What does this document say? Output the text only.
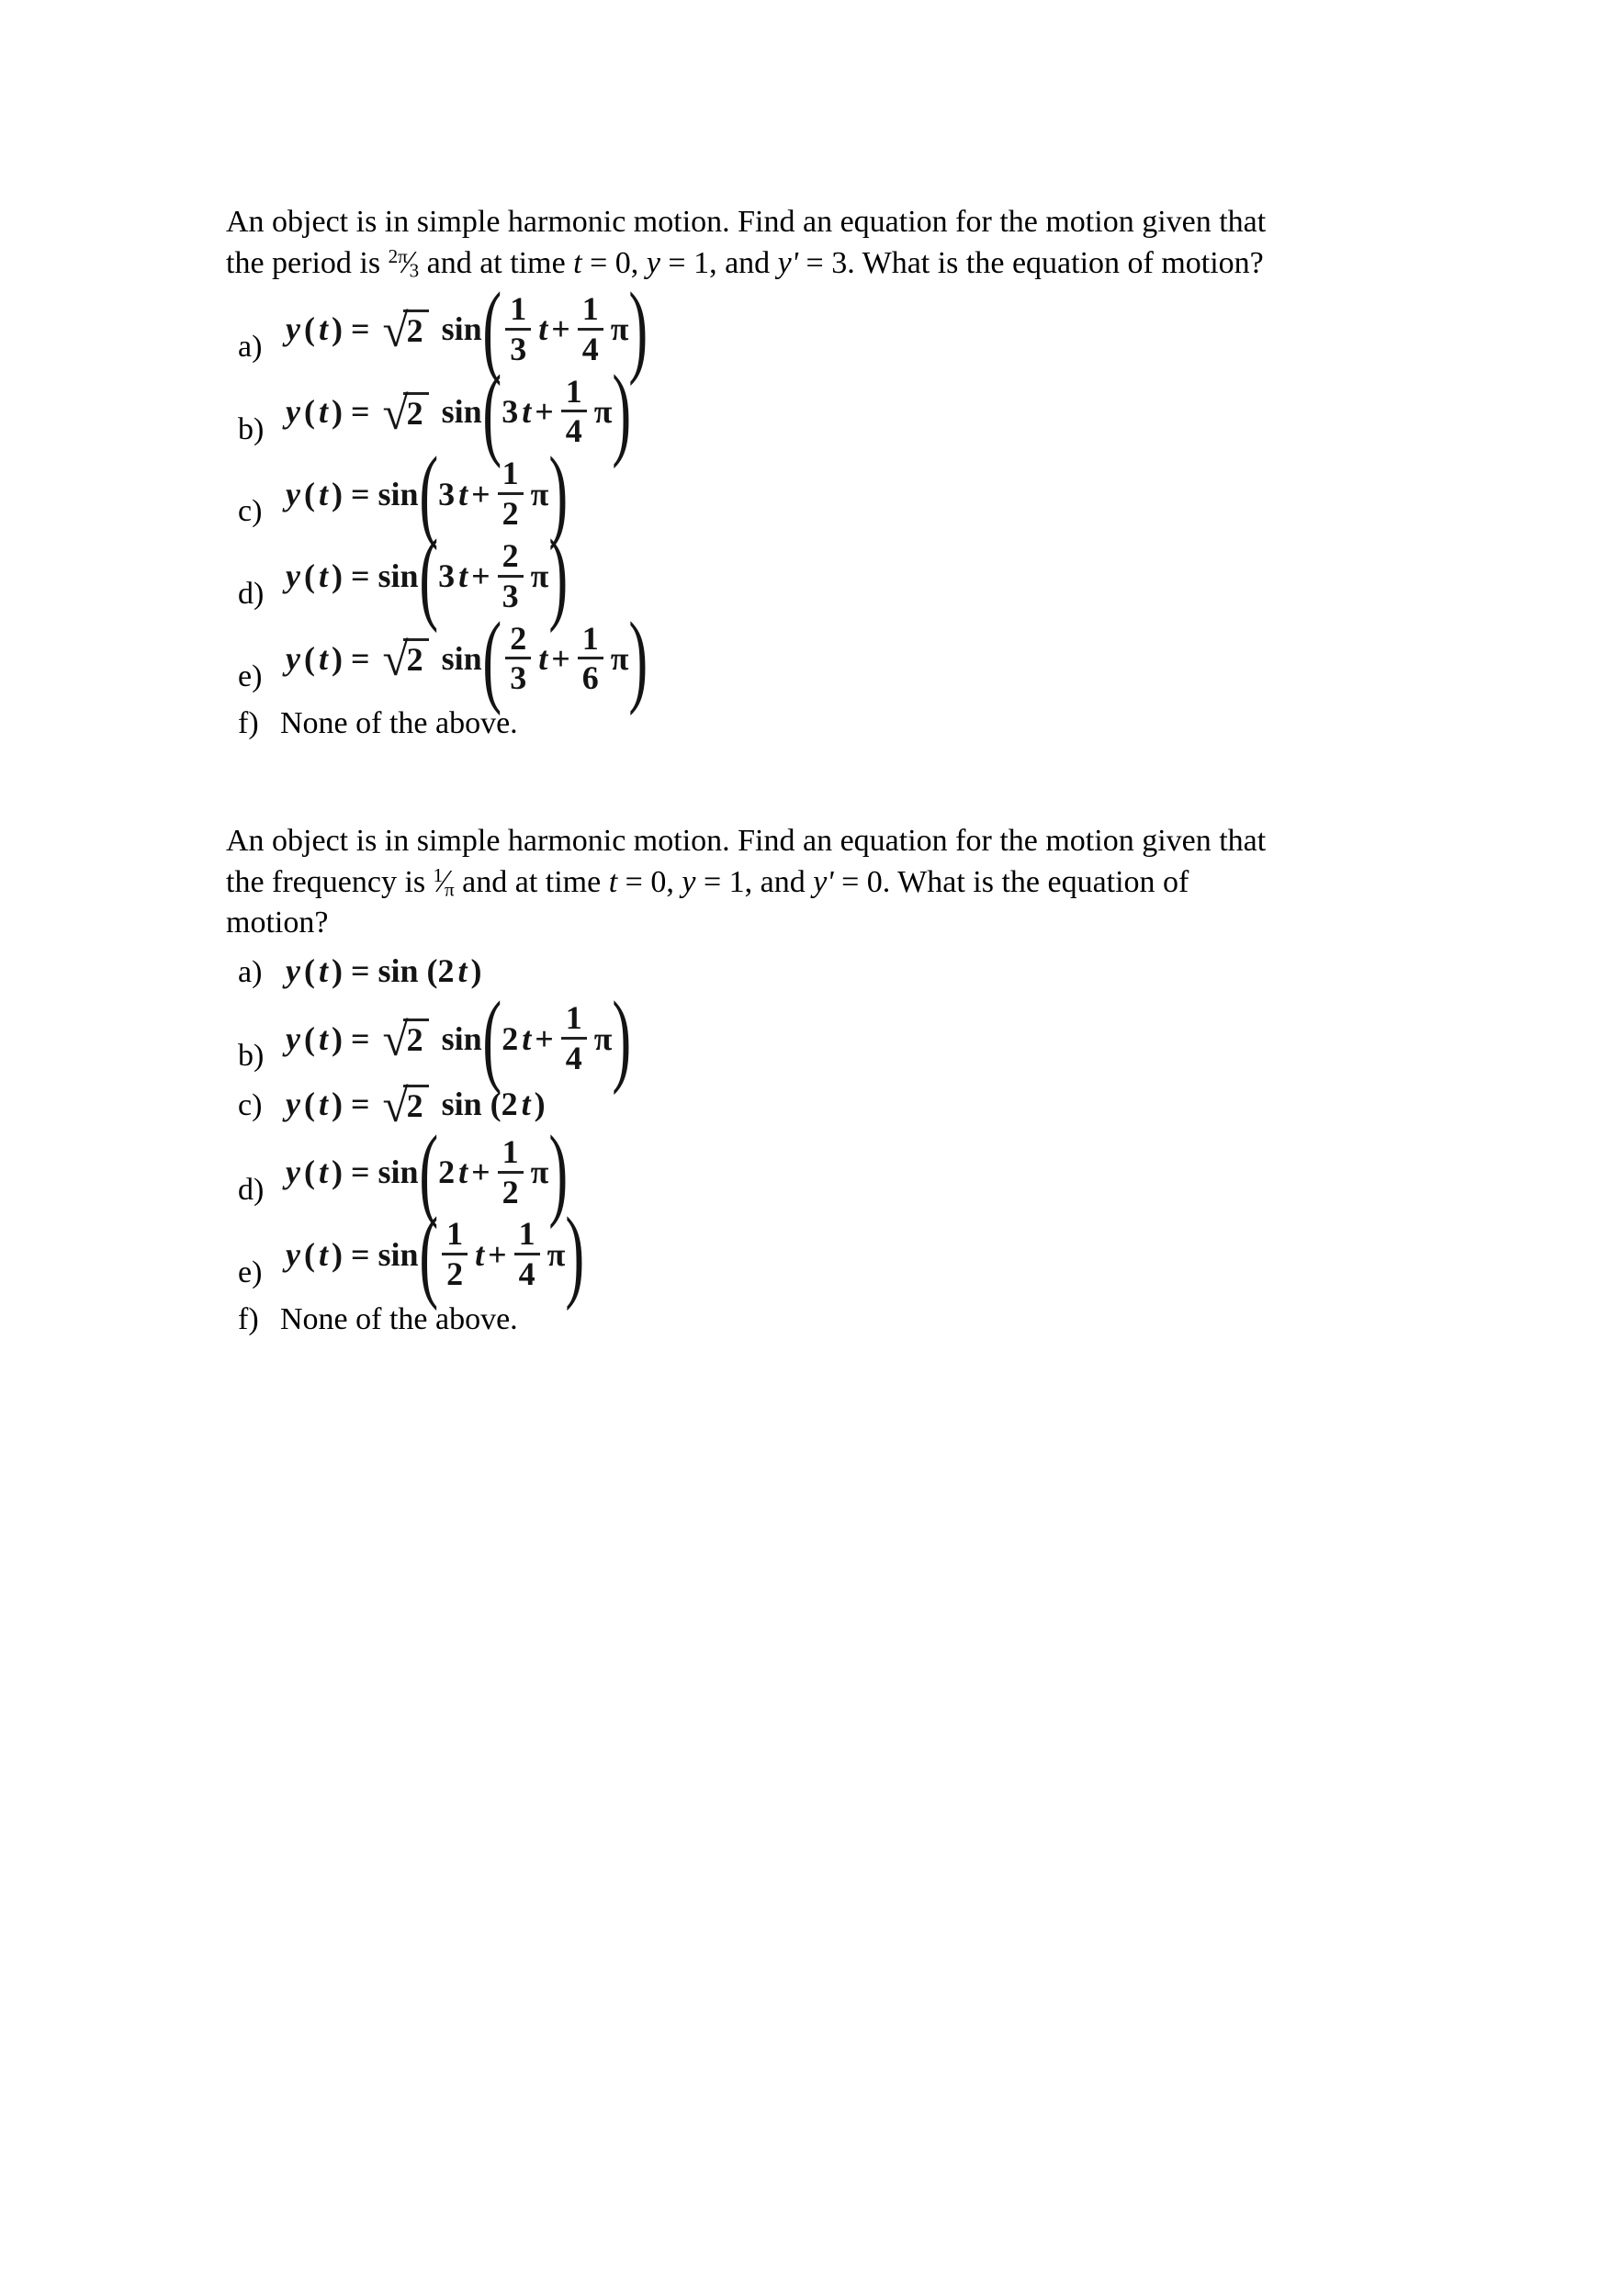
An object is in simple harmonic motion. Find an equation for the motion given that
the period is $^{2\pi}⁄_3$ and at time t = 0, y = 1, and y' = 3. What is the equation of motion?

a) y ( t ) = √
2 sin ( $\frac{1}{3}$ $t + \frac{1}{4}$ π )
b) y ( t ) = √
2 sin ( 3 $t + \frac{1}{4}$ π )
c) y ( t ) = sin ( 3 $t + \frac{1}{2}$ π )
d) y ( t ) = sin ( 3 $t + \frac{2}{3}$ π )
e) y ( t ) = √
2 sin ( $\frac{2}{3}$ $t + \frac{1}{6}$ π )
f) None of the above.

An object is in simple harmonic motion. Find an equation for the motion given that
the frequency is $^1⁄_\pi$ and at time t = 0, y = 1, and y' = 0. What is the equation of
motion?

a) y ( t ) = sin (2 t )
b) y ( t ) = √
2 sin ( 2 $t + \frac{1}{4}$ π )
c) y ( t ) = √
2 sin (2 t )
d) y ( t ) = sin ( 2 $t + \frac{1}{2}$ π )
e) y ( t ) = sin ( $\frac{1}{2}$ $t + \frac{1}{4}$ π )
f) None of the above.
